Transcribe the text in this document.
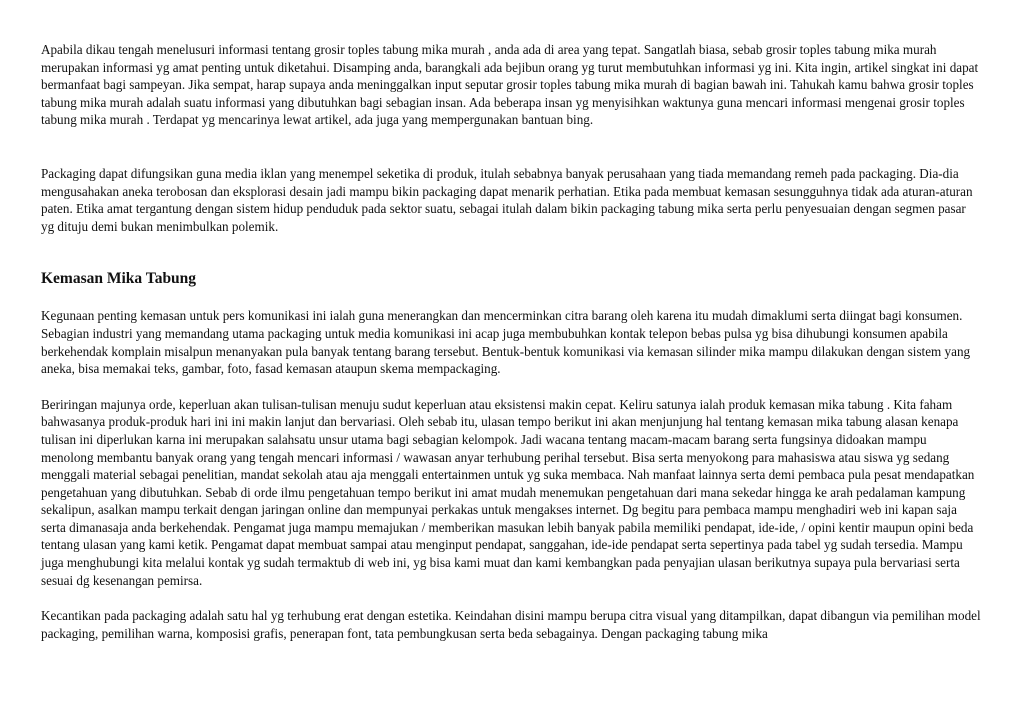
Apabila dikau tengah menelusuri informasi tentang grosir toples tabung mika murah , anda ada di area yang tepat. Sangatlah biasa, sebab grosir toples tabung mika murah merupakan informasi yg amat penting untuk diketahui. Disamping anda, barangkali ada bejibun orang yg turut membutuhkan informasi yg ini. Kita ingin, artikel singkat ini dapat bermanfaat bagi sampeyan. Jika sempat, harap supaya anda meninggalkan input seputar grosir toples tabung mika murah di bagian bawah ini. Tahukah kamu bahwa grosir toples tabung mika murah adalah suatu informasi yang dibutuhkan bagi sebagian insan. Ada beberapa insan yg menyisihkan waktunya guna mencari informasi mengenai grosir toples tabung mika murah . Terdapat yg mencarinya lewat artikel, ada juga yang mempergunakan bantuan bing.

Packaging dapat difungsikan guna media iklan yang menempel seketika di produk, itulah sebabnya banyak perusahaan yang tiada memandang remeh pada packaging. Dia-dia mengusahakan aneka terobosan dan eksplorasi desain jadi mampu bikin packaging dapat menarik perhatian. Etika pada membuat kemasan sesungguhnya tidak ada aturan-aturan paten. Etika amat tergantung dengan sistem hidup penduduk pada sektor suatu, sebagai itulah dalam bikin packaging tabung mika serta perlu penyesuaian dengan segmen pasar yg dituju demi bukan menimbulkan polemik.

Kemasan Mika Tabung

Kegunaan penting kemasan untuk pers komunikasi ini ialah guna menerangkan dan mencerminkan citra barang oleh karena itu mudah dimaklumi serta diingat bagi konsumen. Sebagian industri yang memandang utama packaging untuk media komunikasi ini acap juga membubuhkan kontak telepon bebas pulsa yg bisa dihubungi konsumen apabila berkehendak komplain misalpun menanyakan pula banyak tentang barang tersebut. Bentuk-bentuk komunikasi via kemasan silinder mika mampu dilakukan dengan sistem yang aneka, bisa memakai teks, gambar, foto, fasad kemasan ataupun skema mempackaging.

Beriringan majunya orde, keperluan akan tulisan-tulisan menuju sudut keperluan atau eksistensi makin cepat. Keliru satunya ialah produk kemasan mika tabung . Kita faham bahwasanya produk-produk hari ini ini makin lanjut dan bervariasi. Oleh sebab itu, ulasan tempo berikut ini akan menjunjung hal tentang kemasan mika tabung alasan kenapa tulisan ini diperlukan karna ini merupakan salahsatu unsur utama bagi sebagian kelompok. Jadi wacana tentang macam-macam barang serta fungsinya didoakan mampu menolong membantu banyak orang yang tengah mencari informasi / wawasan anyar terhubung perihal tersebut. Bisa serta menyokong para mahasiswa atau siswa yg sedang menggali material sebagai penelitian, mandat sekolah atau aja menggali entertainmen untuk yg suka membaca. Nah manfaat lainnya serta demi pembaca pula pesat mendapatkan pengetahuan yang dibutuhkan. Sebab di orde ilmu pengetahuan tempo berikut ini amat mudah menemukan pengetahuan dari mana sekedar hingga ke arah pedalaman kampung sekalipun, asalkan mampu terkait dengan jaringan online dan mempunyai perkakas untuk mengakses internet. Dg begitu para pembaca mampu menghadiri web ini kapan saja serta dimanasaja anda berkehendak. Pengamat juga mampu memajukan / memberikan masukan lebih banyak pabila memiliki pendapat, ide-ide, / opini kentir maupun opini beda tentang ulasan yang kami ketik. Pengamat dapat membuat sampai atau menginput pendapat, sanggahan, ide-ide pendapat serta sepertinya pada tabel yg sudah tersedia. Mampu juga menghubungi kita melalui kontak yg sudah termaktub di web ini, yg bisa kami muat dan kami kembangkan pada penyajian ulasan berikutnya supaya pula bervariasi serta sesuai dg kesenangan pemirsa.

Kecantikan pada packaging adalah satu hal yg terhubung erat dengan estetika. Keindahan disini mampu berupa citra visual yang ditampilkan, dapat dibangun via pemilihan model packaging, pemilihan warna, komposisi grafis, penerapan font, tata pembungkusan serta beda sebagainya. Dengan packaging tabung mika
